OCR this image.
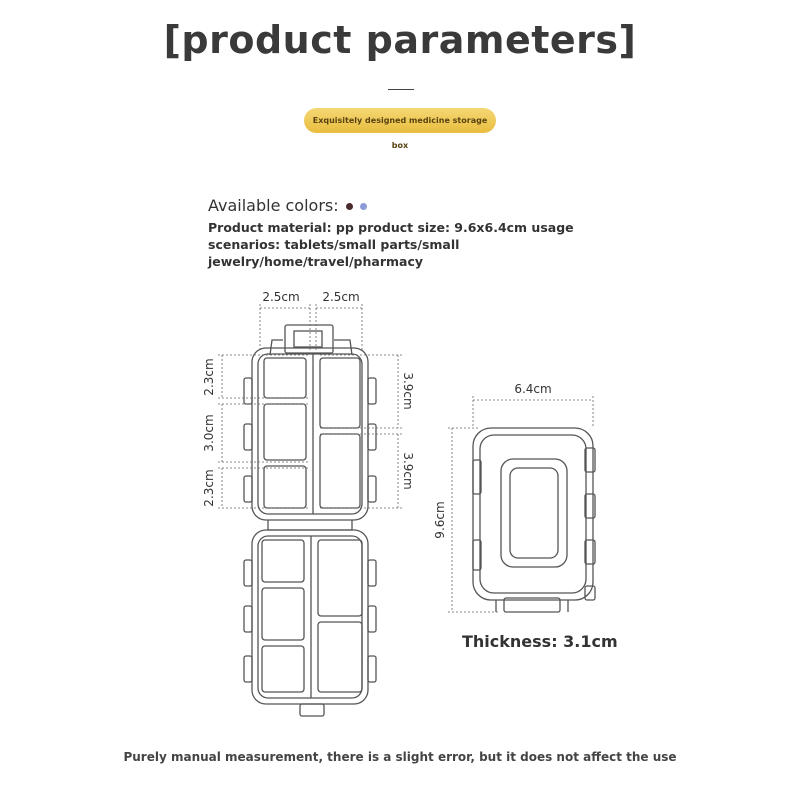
[product parameters]
Exquisitely designed medicine storage box
Available colors:
Product material: pp product size: 9.6x6.4cm usage scenarios: tablets/small parts/small jewelry/home/travel/pharmacy
2.5cm 2.5cm
2.3cm
3.0cm
2.3cm
3.9cm
3.9cm
6.4cm
9.6cm
Thickness: 3.1cm
Purely manual measurement, there is a slight error, but it does not affect the use
